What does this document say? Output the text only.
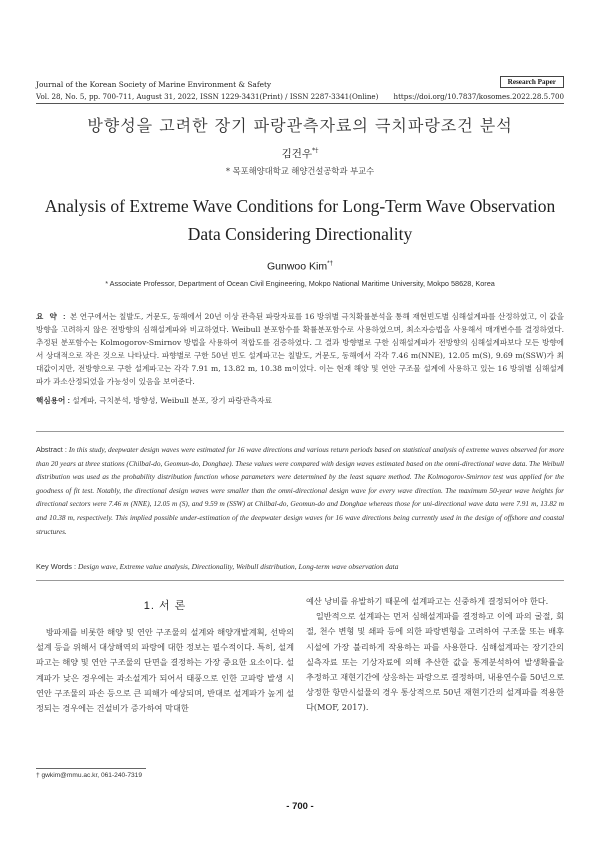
Journal of the Korean Society of Marine Environment & Safety
Vol. 28, No. 5, pp. 700-711, August 31, 2022, ISSN 1229-3431(Print) / ISSN 2287-3341(Online)
Research Paper
https://doi.org/10.7837/kosomes.2022.28.5.700
방향성을 고려한 장기 파랑관측자료의 극치파랑조건 분석
김건우*†
* 목포해양대학교 해양건설공학과 부교수
Analysis of Extreme Wave Conditions for Long-Term Wave Observation Data Considering Directionality
Gunwoo Kim*†
* Associate Professor, Department of Ocean Civil Engineering, Mokpo National Maritime University, Mokpo 58628, Korea
요 약 : 본 연구에서는 칠발도, 거문도, 동해에서 20년 이상 관측된 파랑자료를 16 방위별 극치확률분석을 통해 재현빈도별 심해설계파를 산정하였고, 이 값을 방향을 고려하지 않은 전방향의 심해설계파와 비교하였다. Weibull 분포함수를 확률분포함수로 사용하였으며, 최소자승법을 사용해서 매개변수를 결정하였다. 추정된 분포함수는 Kolmogorov-Smirnov 방법을 사용하여 적합도를 검증하였다. 그 결과 방향별로 구한 심해설계파가 전방향의 심해설계파보다 모든 방향에서 상대적으로 작은 것으로 나타났다. 파향별로 구한 50년 빈도 설계파고는 칠발도, 거문도, 동해에서 각각 7.46 m(NNE), 12.05 m(S), 9.69 m(SSW)가 최대값이지만, 전방향으로 구한 설계파고는 각각 7.91 m, 13.82 m, 10.38 m이었다. 이는 현재 해양 및 연안 구조물 설계에 사용하고 있는 16 방위별 심해설계파가 과소산정되었을 가능성이 있음을 보여준다.
핵심용어 : 설계파, 극치분석, 방향성, Weibull 분포, 장기 파랑관측자료
Abstract : In this study, deepwater design waves were estimated for 16 wave directions and various return periods based on statistical analysis of extreme waves observed for more than 20 years at three stations (Chilbal-do, Geomun-do, Donghae). These values were compared with design waves estimated based on the omni-directional wave data. The Weibull distribution was used as the probability distribution function whose parameters were determined by the least square method. The Kolmogorov-Smirnov test was applied for the goodness of fit test. Notably, the directional design waves were smaller than the omni-directional design wave for every wave direction. The maximum 50-year wave heights for directional sectors were 7.46 m (NNE), 12.05 m (S), and 9.59 m (SSW) at Chilbal-do, Geomun-do and Donghae whereas those for uni-directional wave data were 7.91 m, 13.82 m and 10.38 m, respectively. This implied possible under-estimation of the deepwater design waves for 16 wave directions being currently used in the design of offshore and coastal structures.
Key Words : Design wave, Extreme value analysis, Directionality, Weibull distribution, Long-term wave observation data
1. 서 론
방파제를 비롯한 해양 및 연안 구조물의 설계와 해양개발계획, 선박의 설계 등을 위해서 대상해역의 파랑에 대한 정보는 필수적이다. 특히, 설계파고는 해양 및 연안 구조물의 단면을 결정하는 가장 중요한 요소이다. 설계파가 낮은 경우에는 과소설계가 되어서 태풍으로 인한 고파랑 발생 시 연안 구조물의 파손 등으로 큰 피해가 예상되며, 반대로 설계파가 높게 설정되는 경우에는 건설비가 증가하여 막대한
예산 낭비를 유발하기 때문에 설계파고는 신중하게 결정되어야 한다.
일반적으로 설계파는 먼저 심해설계파를 결정하고 이에 파의 굴절, 회절, 천수 변형 및 쇄파 등에 의한 파랑변형을 고려하여 구조물 또는 배후시설에 가장 불리하게 작용하는 파를 사용한다. 심해설계파는 장기간의 실측자료 또는 기상자료에 의해 추산한 값을 통계분석하여 발생확률을 추정하고 재현기간에 상응하는 파랑으로 결정하며, 내용연수를 50년으로 상정한 항만시설물의 경우 통상적으로 50년 재현기간의 설계파를 적용한다(MOF, 2017).
† gwkim@mmu.ac.kr, 061-240-7319
- 700 -
